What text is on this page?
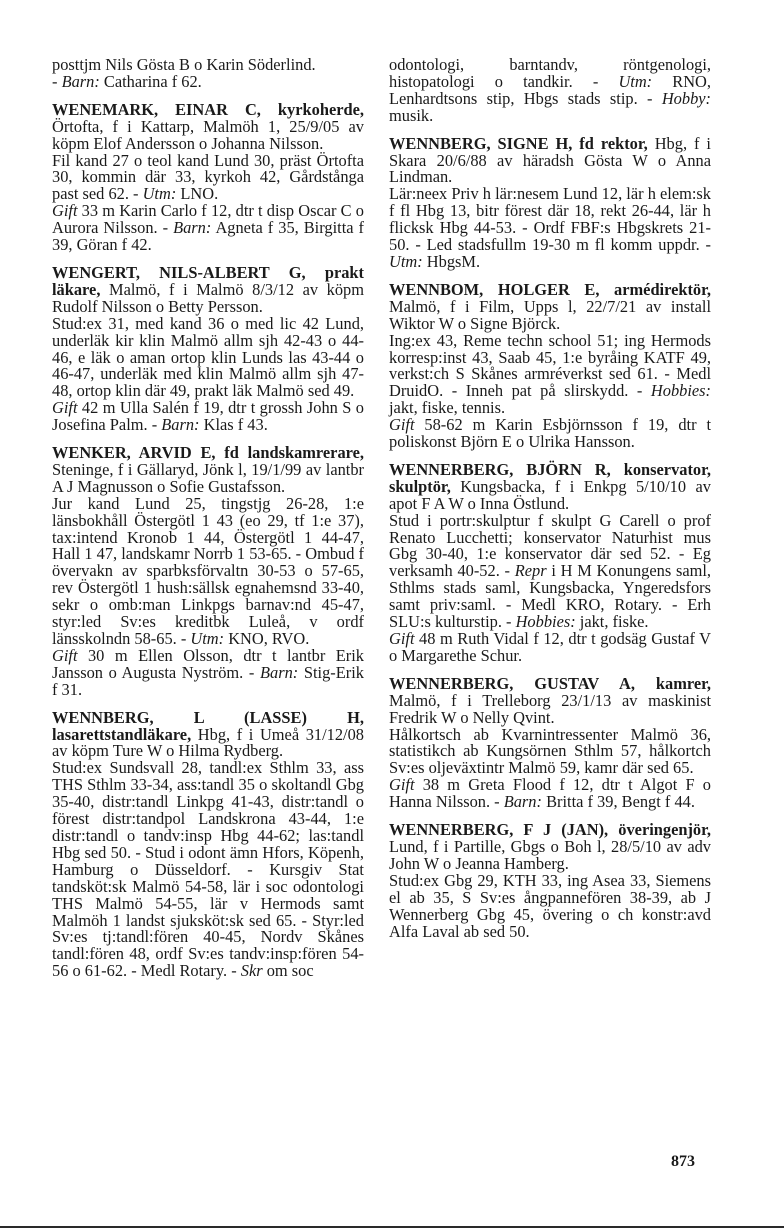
posttjm Nils Gösta B o Karin Söderlind.
- Barn: Catharina f 62.
WENEMARK, EINAR C, kyrkoherde, Örtofta, f i Kattarp, Malmöh 1, 25/9/05 av köpm Elof Andersson o Johanna Nilsson.
Fil kand 27 o teol kand Lund 30, präst Örtofta 30, kommin där 33, kyrkoh 42, Gårdstånga past sed 62. - Utm: LNO.
Gift 33 m Karin Carlo f 12, dtr t disp Oscar C o Aurora Nilsson. - Barn: Agneta f 35, Birgitta f 39, Göran f 42.
WENGERT, NILS-ALBERT G, prakt läkare, Malmö, f i Malmö 8/3/12 av köpm Rudolf Nilsson o Betty Persson.
Stud:ex 31, med kand 36 o med lic 42 Lund, underläk kir klin Malmö allm sjh 42-43 o 44-46, e läk o aman ortop klin Lunds las 43-44 o 46-47, underläk med klin Malmö allm sjh 47-48, ortop klin där 49, prakt läk Malmö sed 49.
Gift 42 m Ulla Salén f 19, dtr t grossh John S o Josefina Palm. - Barn: Klas f 43.
WENKER, ARVID E, fd landskamrerare, Steninge, f i Gällaryd, Jönk l, 19/1/99 av lantbr A J Magnusson o Sofie Gustafsson.
Jur kand Lund 25, tingstjg 26-28, 1:e länsbokhåll Östergötl 1 43 (eo 29, tf 1:e 37), tax:intend Kronob 1 44, Östergötl 1 44-47, Hall 1 47, landskamr Norrb 1 53-65. - Ombud f övervakn av sparbksförvaltn 30-53 o 57-65, rev Östergötl 1 hush:sällsk egnahemsnd 33-40, sekr o omb:man Linkpgs barnav:nd 45-47, styr:led Sv:es kreditbk Luleå, v ordf länsskolndn 58-65. - Utm: KNO, RVO.
Gift 30 m Ellen Olsson, dtr t lantbr Erik Jansson o Augusta Nyström. - Barn: Stig-Erik f 31.
WENNBERG, L (LASSE) H, lasarettstandläkare, Hbg, f i Umeå 31/12/08 av köpm Ture W o Hilma Rydberg.
Stud:ex Sundsvall 28, tandl:ex Sthlm 33, ass THS Sthlm 33-34, ass:tandl 35 o skoltandl Gbg 35-40, distr:tandl Linkpg 41-43, distr:tandl o förest distr:tandpol Landskrona 43-44, 1:e distr:tandl o tandv:insp Hbg 44-62; las:tandl Hbg sed 50. - Stud i odont ämn Hfors, Köpenh, Hamburg o Düsseldorf. - Kursgiv Stat tandsköt:sk Malmö 54-58, lär i soc odontologi THS Malmö 54-55, lär v Hermods samt Malmöh 1 landst sjuksköt:sk sed 65. - Styr:led Sv:es tj:tandl:fören 40-45, Nordv Skånes tandl:fören 48, ordf Sv:es tandv:insp:fören 54-56 o 61-62. - Medl Rotary. - Skr om soc
odontologi, barntandv, röntgenologi, histopatologi o tandkir. - Utm: RNO, Lenhardtsons stip, Hbgs stads stip. - Hobby: musik.
WENNBERG, SIGNE H, fd rektor, Hbg, f i Skara 20/6/88 av häradsh Gösta W o Anna Lindman.
Lär:neex Priv h lär:nesem Lund 12, lär h elem:sk f fl Hbg 13, bitr förest där 18, rekt 26-44, lär h flicksk Hbg 44-53. - Ordf FBF:s Hbgskrets 21-50. - Led stadsfullm 19-30 m fl komm uppdr. - Utm: HbgsM.
WENNBOM, HOLGER E, armédirektör, Malmö, f i Film, Upps l, 22/7/21 av install Wiktor W o Signe Björck.
Ing:ex 43, Reme techn school 51; ing Hermods korresp:inst 43, Saab 45, 1:e byråing KATF 49, verkst:ch S Skånes armréverkst sed 61. - Medl DruidO. - Inneh pat på slirskydd. - Hobbies: jakt, fiske, tennis.
Gift 58-62 m Karin Esbjörnsson f 19, dtr t poliskonst Björn E o Ulrika Hansson.
WENNERBERG, BJÖRN R, konservator, skulptör, Kungsbacka, f i Enkpg 5/10/10 av apot F A W o Inna Östlund.
Stud i portr:skulptur f skulpt G Carell o prof Renato Lucchetti; konservator Naturhist mus Gbg 30-40, 1:e konservator där sed 52. - Eg verksamh 40-52. - Repr i H M Konungens saml, Sthlms stads saml, Kungsbacka, Yngeredsfors samt priv:saml. - Medl KRO, Rotary. - Erh SLU:s kulturstip. - Hobbies: jakt, fiske.
Gift 48 m Ruth Vidal f 12, dtr t godsäg Gustaf V o Margarethe Schur.
WENNERBERG, GUSTAV A, kamrer, Malmö, f i Trelleborg 23/1/13 av maskinist Fredrik W o Nelly Qvint.
Hålkortsch ab Kvarnintressenter Malmö 36, statistikch ab Kungsörnen Sthlm 57, hålkortch Sv:es oljeväxtintr Malmö 59, kamr där sed 65.
Gift 38 m Greta Flood f 12, dtr t Algot F o Hanna Nilsson. - Barn: Britta f 39, Bengt f 44.
WENNERBERG, F J (JAN), överingenjör, Lund, f i Partille, Gbgs o Boh l, 28/5/10 av adv John W o Jeanna Hamberg.
Stud:ex Gbg 29, KTH 33, ing Asea 33, Siemens el ab 35, S Sv:es ångpannefören 38-39, ab J Wennerberg Gbg 45, övering o ch konstr:avd Alfa Laval ab sed 50.
873
